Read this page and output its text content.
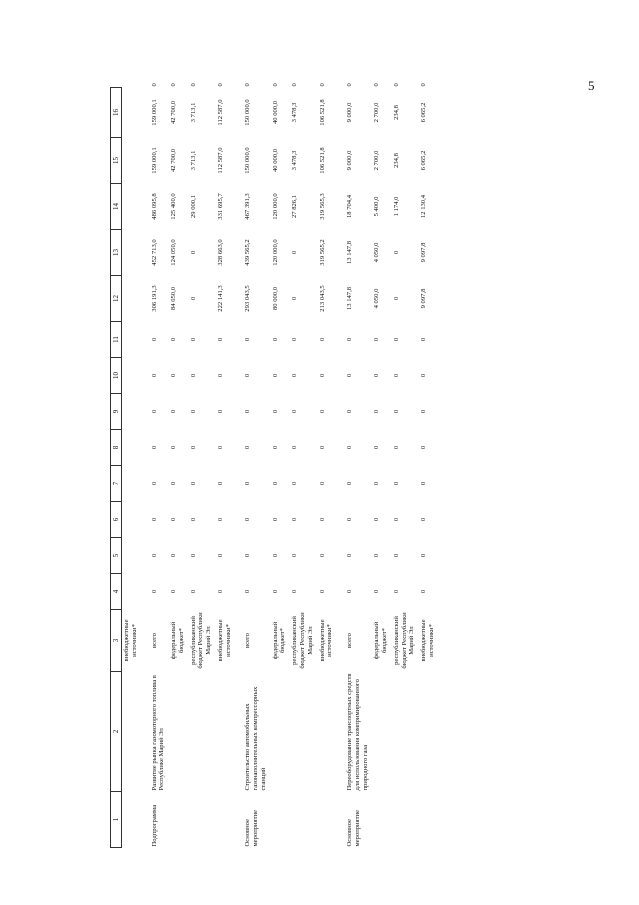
5
1	2	3	4	5	6	7	8	9	10	11	12	13	14	15	16	
		внебюджетные источники*														
Подпрограмма	Развитие рынка газомоторного топлива в Республике Марий Эл	всего	0	0	0	0	0	0	0	0	306 191,3	452 713,0	486 095,8	159 000,1	159 000,1	0
		федеральный бюджет*	0	0	0	0	0	0	0	0	84 050,0	124 050,0	125 400,0	42 700,0	42 700,0	0
		республиканский бюджет Республики Марий Эл	0	0	0	0	0	0	0	0	0	0	29 000,1	3 713,1	3 713,1	0
		внебюджетные источники*	0	0	0	0	0	0	0	0	222 141,3	328 663,0	331 695,7	112 587,0	112 587,0	0
Основное мероприятие	Строительство автомобильных газонаполнительных компрессорных станций	всего	0	0	0	0	0	0	0	0	293 043,5	439 565,2	467 391,3	150 000,0	150 000,0	0
		федеральный бюджет*	0	0	0	0	0	0	0	0	80 000,0	120 000,0	120 000,0	40 000,0	40 000,0	0
		республиканский бюджет Республики Марий Эл	0	0	0	0	0	0	0	0	0	0	27 826,1	3 478,3	3 478,3	0
		внебюджетные источники*	0	0	0	0	0	0	0	0	213 043,5	319 565,2	319 565,3	106 521,8	106 521,8	0
Основное мероприятие	Переоборудование транспортных средств для использования компримированного природного газа	всего	0	0	0	0	0	0	0	0	13 147,8	13 147,8	18 704,4	9 000,0	9 000,0	0
		федеральный бюджет*	0	0	0	0	0	0	0	0	4 050,0	4 050,0	5 400,0	2 700,0	2 700,0	0
		республиканский бюджет Республики Марий Эл	0	0	0	0	0	0	0	0	0	0	1 174,0	234,8	234,8	0
		внебюджетные источники*	0	0	0	0	0	0	0	0	9 097,8	9 097,8	12 130,4	6 065,2	6 065,2	0
